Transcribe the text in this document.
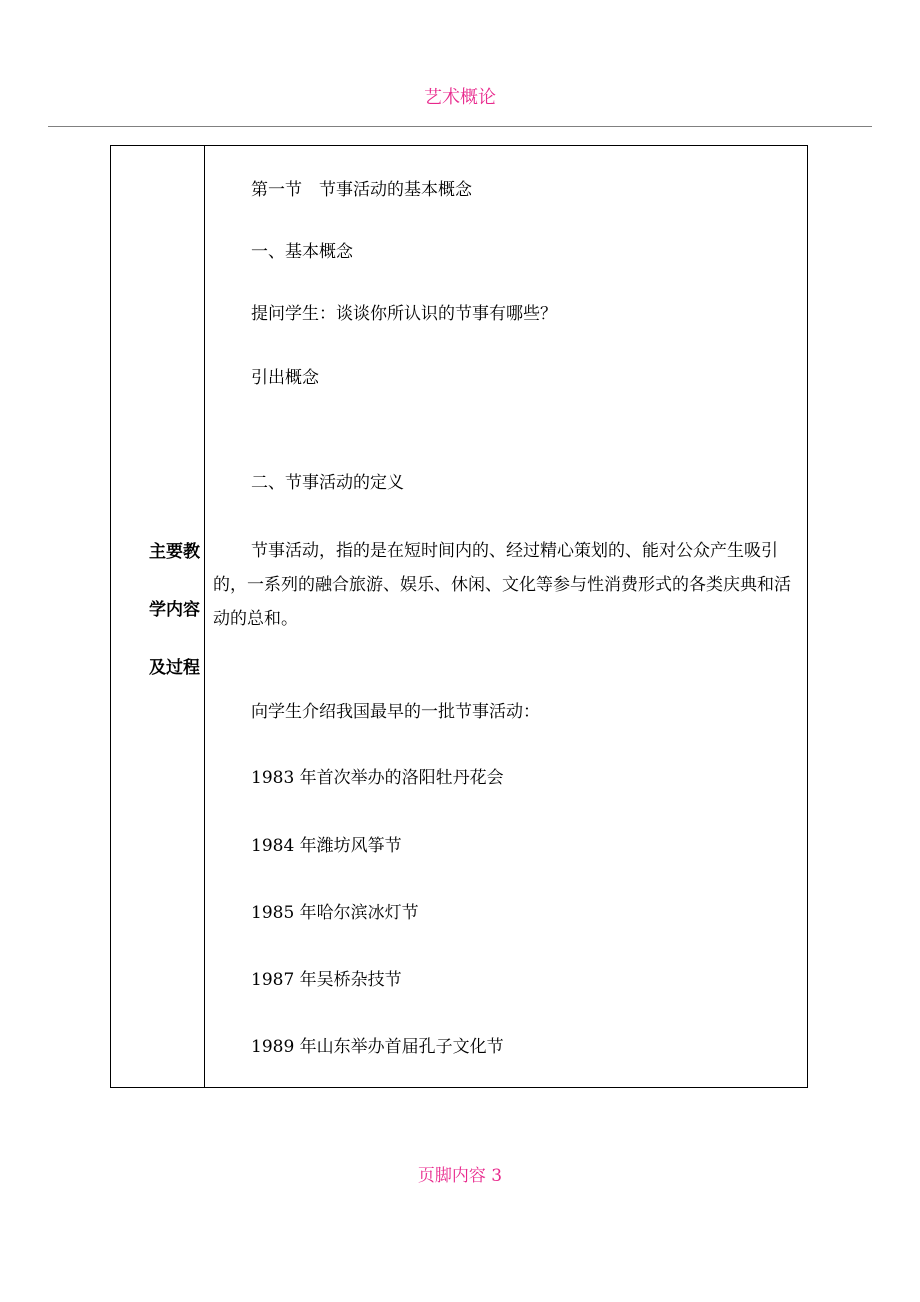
艺术概论
主要教
学内容
及过程
第一节　节事活动的基本概念
一、基本概念
提问学生：谈谈你所认识的节事有哪些？
引出概念
二、节事活动的定义
节事活动，指的是在短时间内的、经过精心策划的、能对公众产生吸引的，一系列的融合旅游、娱乐、休闲、文化等参与性消费形式的各类庆典和活动的总和。
向学生介绍我国最早的一批节事活动：
1983 年首次举办的洛阳牡丹花会
1984 年潍坊风筝节
1985 年哈尔滨冰灯节
1987 年吴桥杂技节
1989 年山东举办首届孔子文化节
页脚内容 3
